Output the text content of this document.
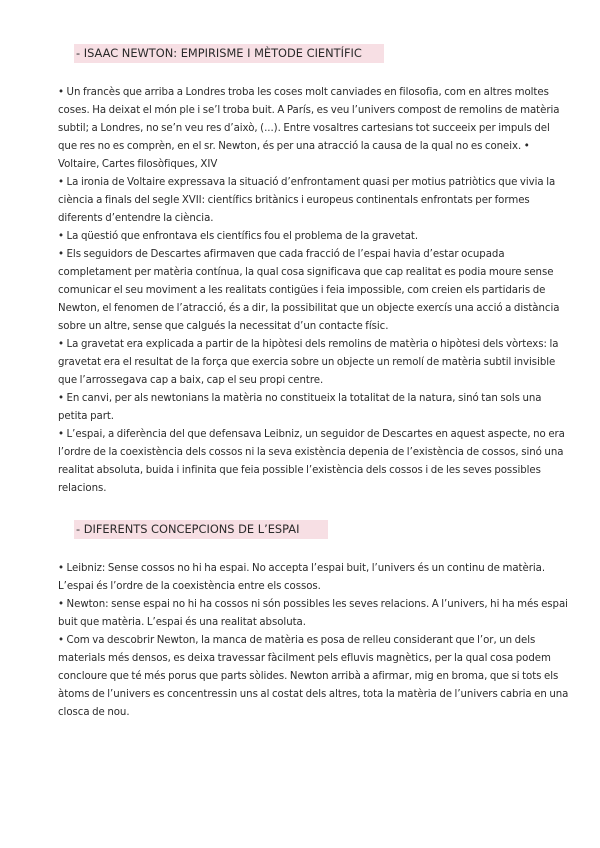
- ISAAC NEWTON: EMPIRISME I MÈTODE CIENTÍFIC

• Un francès que arriba a Londres troba les coses molt canviades en filosofia, com en altres moltes coses. Ha deixat el món ple i se’l troba buit. A París, es veu l’univers compost de remolins de matèria subtil; a Londres, no se’n veu res d’això, (...). Entre vosaltres cartesians tot succeeix per impuls del que res no es comprèn, en el sr. Newton, és per una atracció la causa de la qual no es coneix. • Voltaire, Cartes filosòfiques, XIV

• La ironia de Voltaire expressava la situació d’enfrontament quasi per motius patriòtics que vivia la ciència a finals del segle XVII: científics britànics i europeus continentals enfrontats per formes diferents d’entendre la ciència.

• La qüestió que enfrontava els científics fou el problema de la gravetat.

• Els seguidors de Descartes afirmaven que cada fracció de l’espai havia d’estar ocupada completament per matèria contínua, la qual cosa significava que cap realitat es podia moure sense comunicar el seu moviment a les realitats contigües i feia impossible, com creien els partidaris de Newton, el fenomen de l’atracció, és a dir, la possibilitat que un objecte exercís una acció a distància sobre un altre, sense que calgués la necessitat d’un contacte físic.

• La gravetat era explicada a partir de la hipòtesi dels remolins de matèria o hipòtesi dels vòrtexs: la gravetat era el resultat de la força que exercia sobre un objecte un remolí de matèria subtil invisible que l’arrossegava cap a baix, cap el seu propi centre.

• En canvi, per als newtonians la matèria no constitueix la totalitat de la natura, sinó tan sols una petita part.

• L’espai, a diferència del que defensava Leibniz, un seguidor de Descartes en aquest aspecte, no era l’ordre de la coexistència dels cossos ni la seva existència depenia de l’existència de cossos, sinó una realitat absoluta, buida i infinita que feia possible l’existència dels cossos i de les seves possibles relacions.

- DIFERENTS CONCEPCIONS DE L’ESPAI

• Leibniz: Sense cossos no hi ha espai. No accepta l’espai buit, l’univers és un continu de matèria. L’espai és l’ordre de la coexistència entre els cossos.

• Newton: sense espai no hi ha cossos ni són possibles les seves relacions. A l’univers, hi ha més espai buit que matèria. L’espai és una realitat absoluta.

• Com va descobrir Newton, la manca de matèria es posa de relleu considerant que l’or, un dels materials més densos, es deixa travessar fàcilment pels efluvis magnètics, per la qual cosa podem concloure que té més porus que parts sòlides. Newton arribà a afirmar, mig en broma, que si tots els àtoms de l’univers es concentressin uns al costat dels altres, tota la matèria de l’univers cabria en una closca de nou.
